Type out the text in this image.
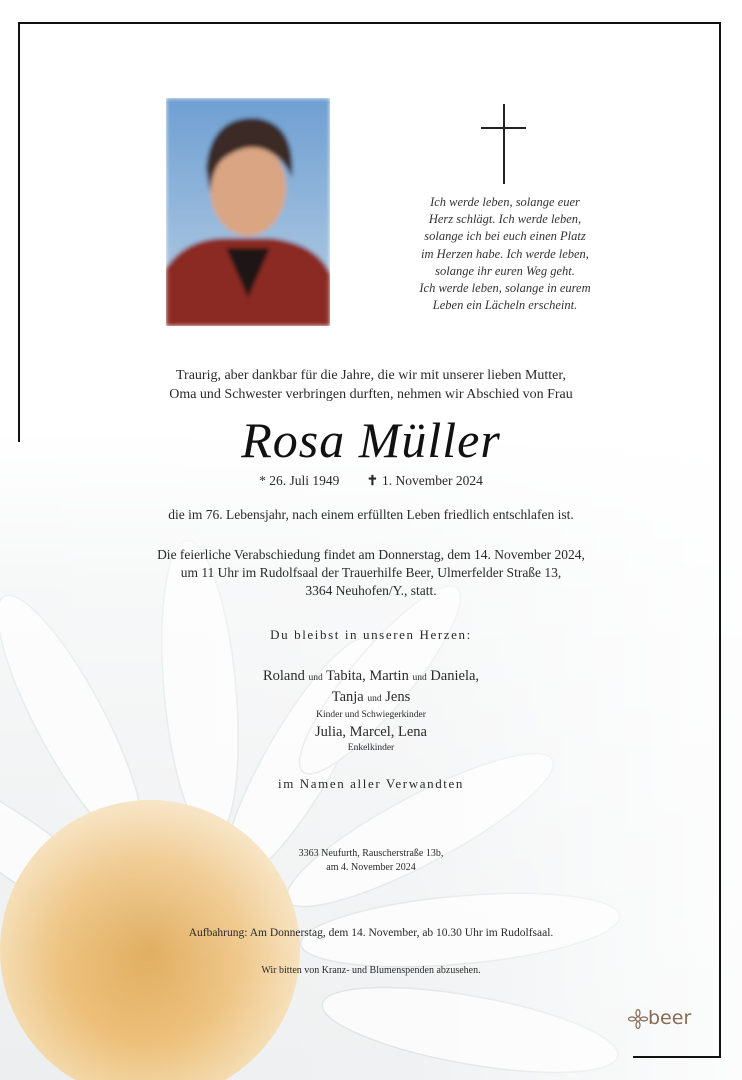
Ich werde leben, solange euer
Herz schlägt. Ich werde leben,
solange ich bei euch einen Platz
im Herzen habe. Ich werde leben,
solange ihr euren Weg geht.
Ich werde leben, solange in eurem
Leben ein Lächeln erscheint.
Traurig, aber dankbar für die Jahre, die wir mit unserer lieben Mutter,
Oma und Schwester verbringen durften, nehmen wir Abschied von Frau
Rosa Müller
* 26. Juli 1949 ✝ 1. November 2024
die im 76. Lebensjahr, nach einem erfüllten Leben friedlich entschlafen ist.
Die feierliche Verabschiedung findet am Donnerstag, dem 14. November 2024,
um 11 Uhr im Rudolfsaal der Trauerhilfe Beer, Ulmerfelder Straße 13,
3364 Neuhofen/Y., statt.
Du bleibst in unseren Herzen:
Roland und Tabita, Martin und Daniela,
Tanja und Jens
Kinder und Schwiegerkinder
Julia, Marcel, Lena
Enkelkinder
im Namen aller Verwandten
3363 Neufurth, Rauscherstraße 13b,
am 4. November 2024
Aufbahrung: Am Donnerstag, dem 14. November, ab 10.30 Uhr im Rudolfsaal.
Wir bitten von Kranz- und Blumenspenden abzusehen.
beer
